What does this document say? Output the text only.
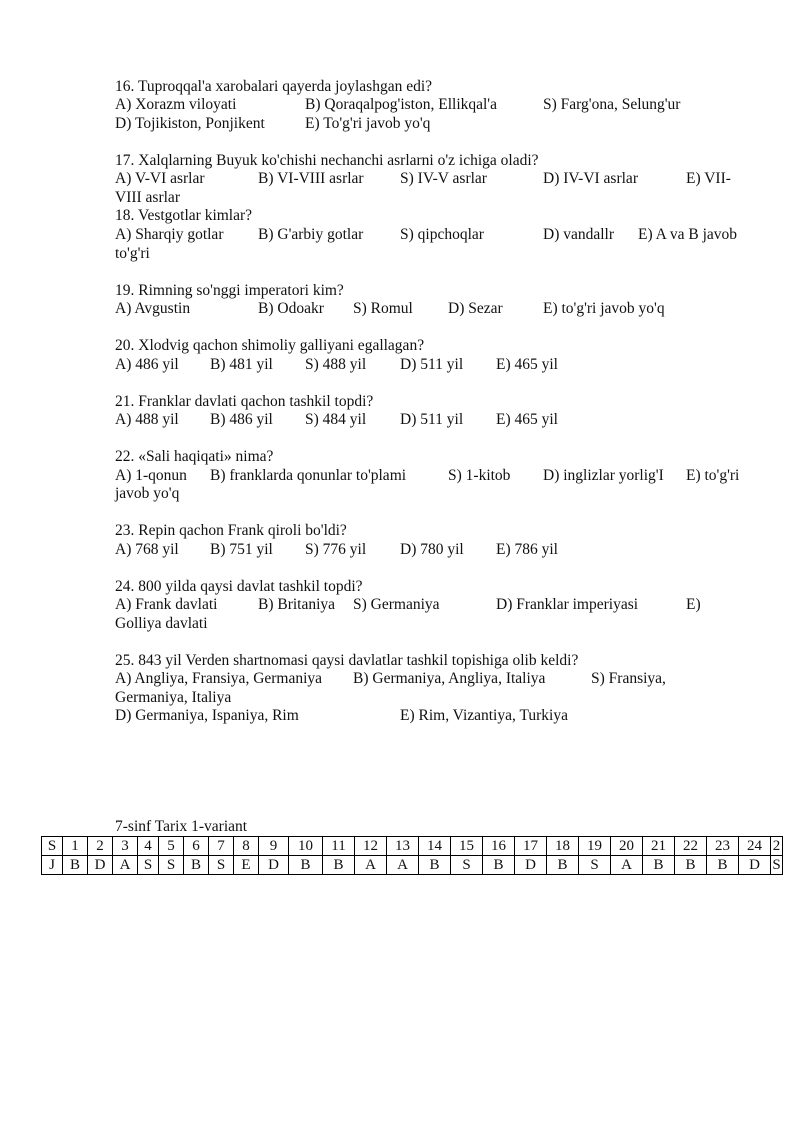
16. Tuproqqal'a xarobalari qayerda joylashgan edi?
A) Xorazm viloyati	B) Qoraqalpog'iston, Ellikqal'a	S) Farg'ona, Selung'ur
D) Tojikiston, Ponjikent	E) To'g'ri javob yo'q
17. Xalqlarning Buyuk ko'chishi nechanchi asrlarni o'z ichiga oladi?
A) V-VI asrlar	B) VI-VIII asrlar S) IV-V asrlar	D) IV-VI asrlar	E) VII-
VIII asrlar
18. Vestgotlar kimlar?
A) Sharqiy gotlar B) G'arbiy gotlar S) qipchoqlar	D) vandallr E) A va B javob
to'g'ri
19. Rimning so'nggi imperatori kim?
A) Avgustin	B) Odoakr S) Romul D) Sezar	E) to'g'ri javob yo'q
20. Xlodvig qachon shimoliy galliyani egallagan?
A) 486 yil B) 481 yil S) 488 yil D) 511 yil E) 465 yil
21. Franklar davlati qachon tashkil topdi?
A) 488 yil B) 486 yil S) 484 yil D) 511 yil E) 465 yil
22. «Sali haqiqati» nima?
A) 1-qonun B) franklarda qonunlar to'plami	S) 1-kitob D) inglizlar yorlig'I E) to'g'ri
javob yo'q
23. Repin qachon Frank qiroli bo'ldi?
A) 768 yil B) 751 yil S) 776 yil D) 780 yil E) 786 yil
24. 800 yilda qaysi davlat tashkil topdi?
A) Frank davlati	B) Britaniya S) Germaniya	D) Franklar imperiyasi	E)
Golliya davlati
25. 843 yil Verden shartnomasi qaysi davlatlar tashkil topishiga olib keldi?
A) Angliya, Fransiya, Germaniya B) Germaniya, Angliya, Italiya	S) Fransiya,
Germaniya, Italiya
D) Germaniya, Ispaniya, Rim	E) Rim, Vizantiya, Turkiya
7-sinf Tarix 1-variant
S	1	2	3	4	5	6	7	8	9	10	11	12	13	14	15	16	17	18	19	20	21	22	23	24	2
J	B	D	A	S	S	B	S	E	D	B	B	A	A	B	S	B	D	B	S	A	B	B	B	D	S
